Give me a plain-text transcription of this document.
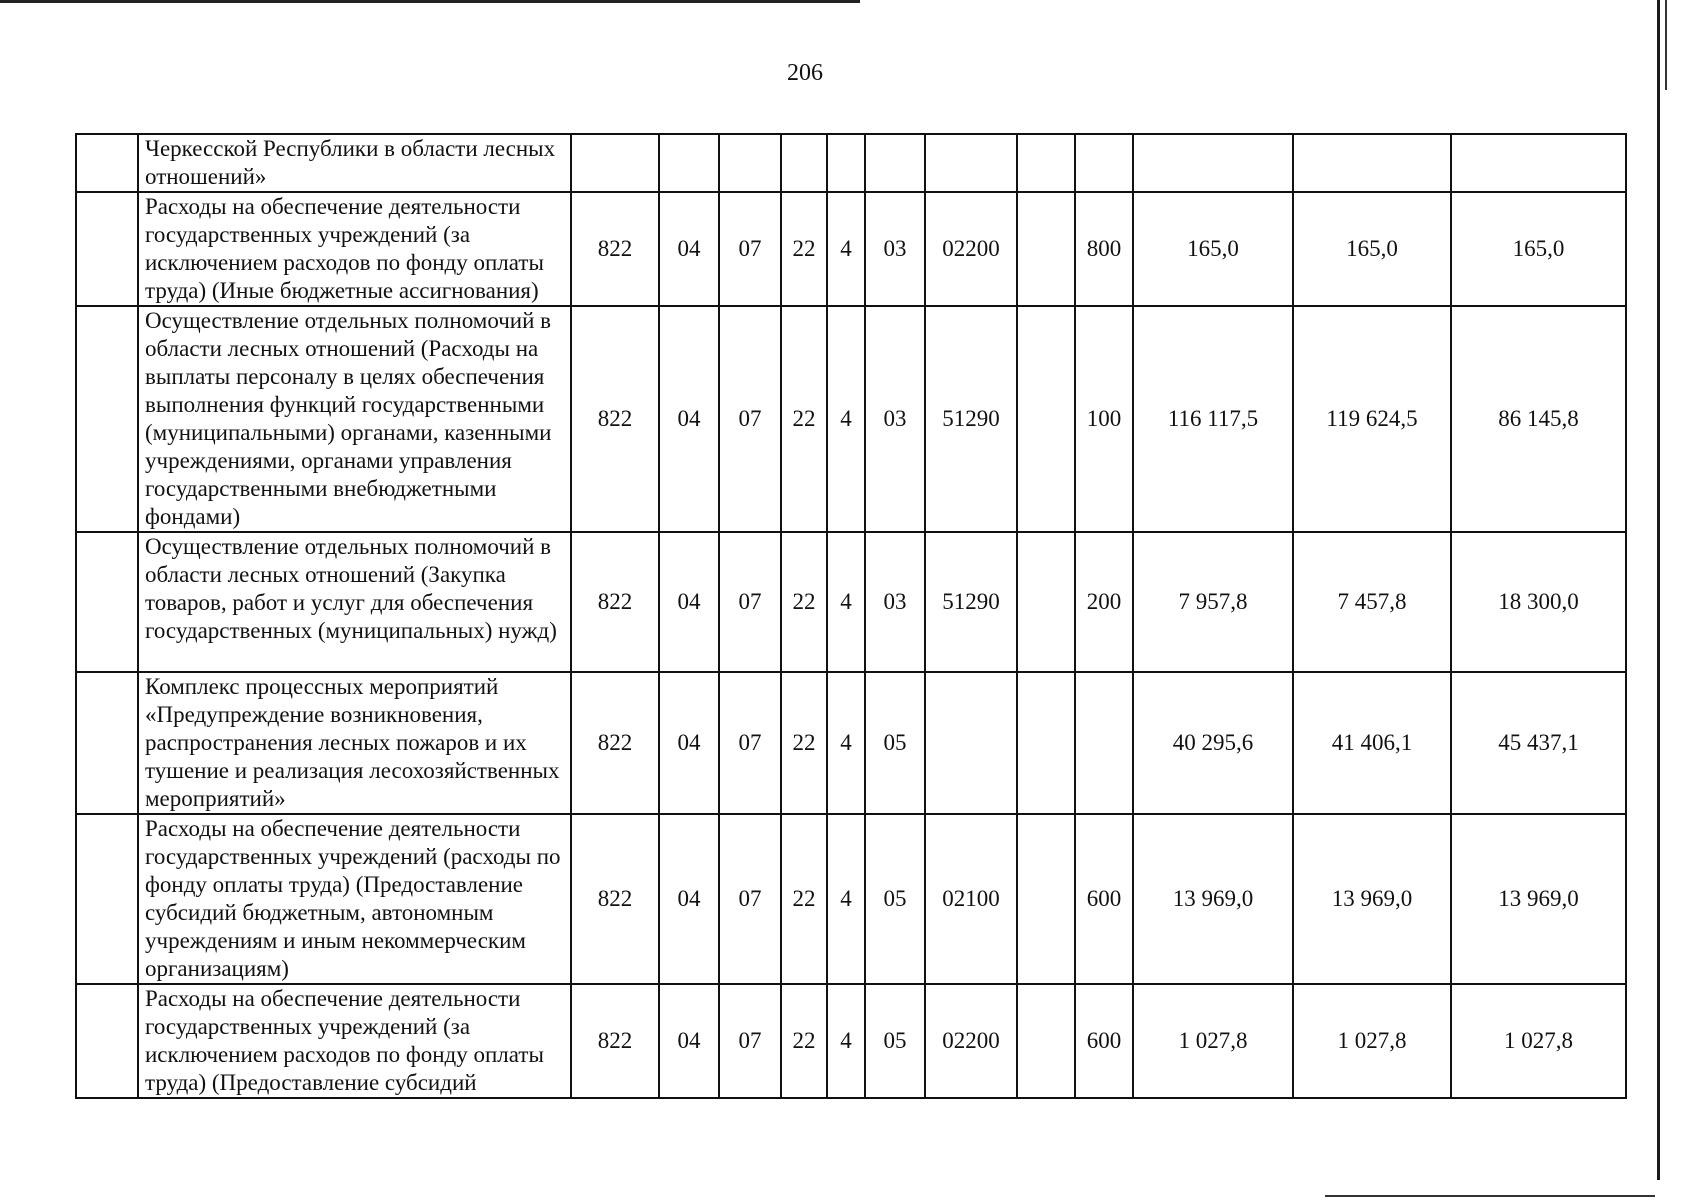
206
	Черкесской Республики в области лесных отношений»												
	Расходы на обеспечение деятельности государственных учреждений (за исключением расходов по фонду оплаты труда) (Иные бюджетные ассигнования)	822	04	07	22	4	03	02200		800	165,0	165,0	165,0
	Осуществление отдельных полномочий в области лесных отношений (Расходы на выплаты персоналу в целях обеспечения выполнения функций государственными (муниципальными) органами, казенными учреждениями, органами управления государственными внебюджетными фондами)	822	04	07	22	4	03	51290		100	116 117,5	119 624,5	86 145,8
	Осуществление отдельных полномочий в области лесных отношений (Закупка товаров, работ и услуг для обеспечения государственных (муниципальных) нужд)	822	04	07	22	4	03	51290		200	7 957,8	7 457,8	18 300,0
	Комплекс процессных мероприятий «Предупреждение возникновения, распространения лесных пожаров и их тушение и реализация лесохозяйственных мероприятий»	822	04	07	22	4	05				40 295,6	41 406,1	45 437,1
	Расходы на обеспечение деятельности государственных учреждений (расходы по фонду оплаты труда) (Предоставление субсидий бюджетным, автономным учреждениям и иным некоммерческим организациям)	822	04	07	22	4	05	02100		600	13 969,0	13 969,0	13 969,0
	Расходы на обеспечение деятельности государственных учреждений (за исключением расходов по фонду оплаты труда) (Предоставление субсидий	822	04	07	22	4	05	02200		600	1 027,8	1 027,8	1 027,8
